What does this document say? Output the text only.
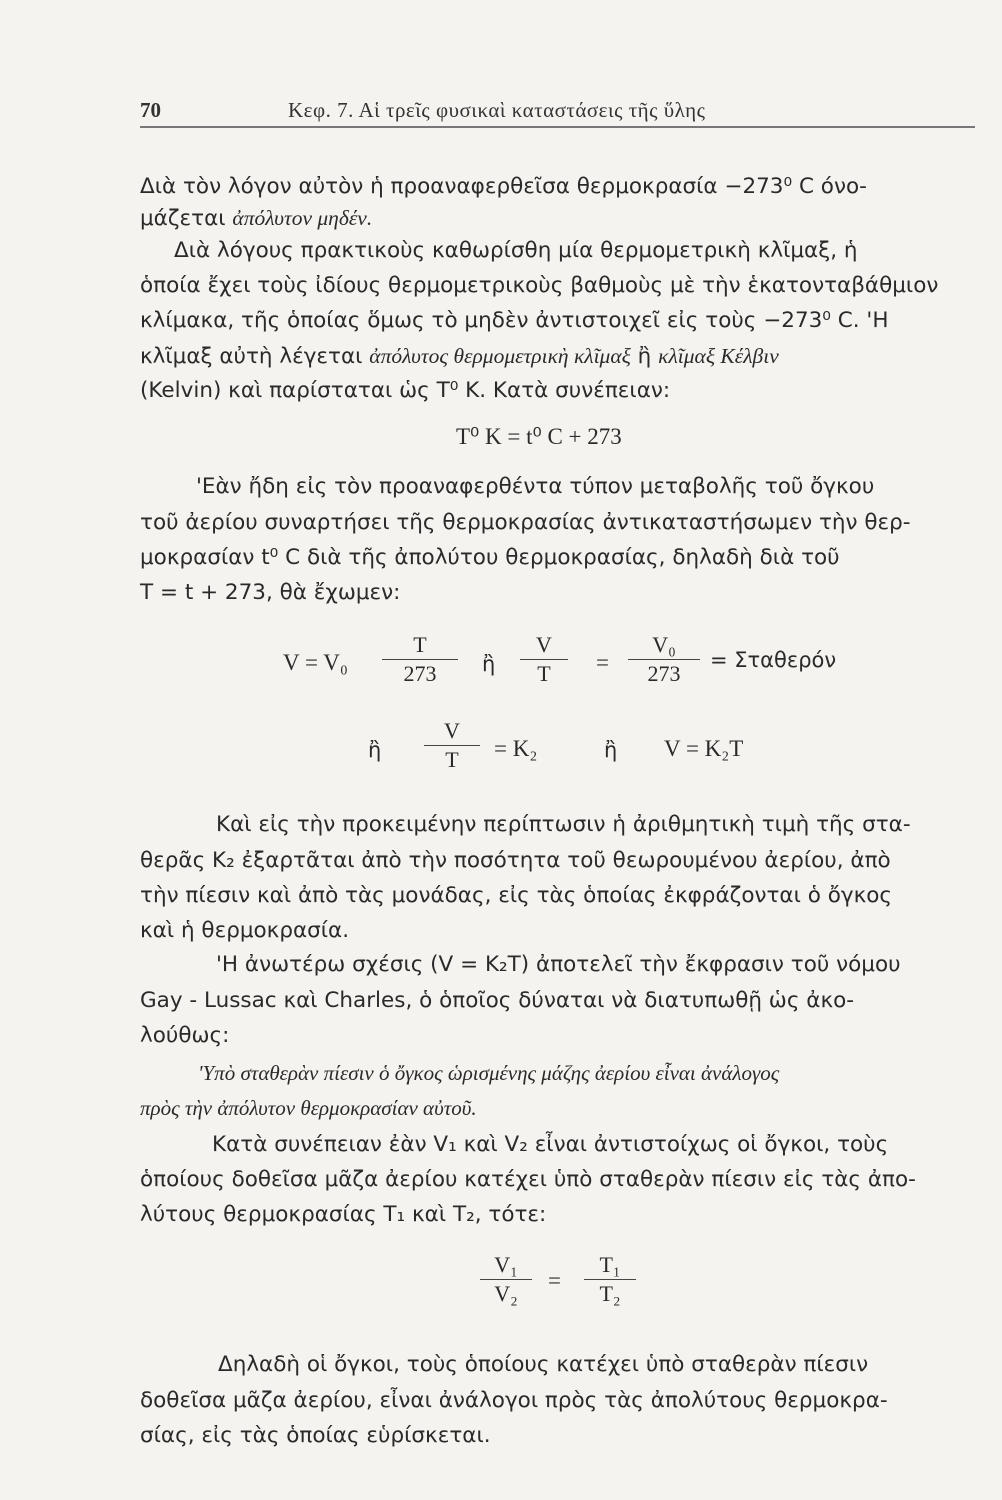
70	Κεφ. 7. Αἱ τρεῖς φυσικαὶ καταστάσεις τῆς ὕλης
Διὰ τὸν λόγον αὐτὸν ἡ προαναφερθεῖσα θερμοκρασία −273⁰ C όνο-
μάζεται ἀπόλυτον μηδέν.
Διὰ λόγους πρακτικοὺς καθωρίσθη μία θερμομετρικὴ κλῖμαξ, ἡ
ὁποία ἔχει τοὺς ἰδίους θερμομετρικοὺς βαθμοὺς μὲ τὴν ἑκατονταβάθμιον
κλίμακα, τῆς ὁποίας ὅμως τὸ μηδὲν ἀντιστοιχεῖ εἰς τοὺς −273⁰ C. 'Η
κλῖμαξ αὐτὴ λέγεται ἀπόλυτος θερμομετρικὴ κλῖμαξ ἢ κλῖμαξ Κέλβιν
(Kelvin) καὶ παρίσταται ὡς T⁰ K. Κατὰ συνέπειαν:
T⁰ K = t⁰ C + 273
'Εὰν ἤδη εἰς τὸν προαναφερθέντα τύπον μεταβολῆς τοῦ ὄγκου
τοῦ ἀερίου συναρτήσει τῆς θερμοκρασίας ἀντικαταστήσωμεν τὴν θερ-
μοκρασίαν t⁰ C διὰ τῆς ἀπολύτου θερμοκρασίας, δηλαδὴ διὰ τοῦ
T = t + 273, θὰ ἔχωμεν:
V = V₀
T
273	ἢ
V
T	=
V₀
273
= Σταθερόν
ἢ
V
T	= K₂	ἢ V = K₂T
Καὶ εἰς τὴν προκειμένην περίπτωσιν ἡ ἀριθμητικὴ τιμὴ τῆς στα-
θερᾶς K₂ ἐξαρτᾶται ἀπὸ τὴν ποσότητα τοῦ θεωρουμένου ἀερίου, ἀπὸ
τὴν πίεσιν καὶ ἀπὸ τὰς μονάδας, εἰς τὰς ὁποίας ἐκφράζονται ὁ ὄγκος
καὶ ἡ θερμοκρασία.
'Η ἀνωτέρω σχέσις (V = K₂T) ἀποτελεῖ τὴν ἔκφρασιν τοῦ νόμου
Gay - Lussac καὶ Charles, ὁ ὁποῖος δύναται νὰ διατυπωθῇ ὡς ἀκο-
λούθως:
'Υπὸ σταθερὰν πίεσιν ὁ ὄγκος ὡρισμένης μάζης ἀερίου εἶναι ἀνάλογος
πρὸς τὴν ἀπόλυτον θερμοκρασίαν αὐτοῦ.
Κατὰ συνέπειαν ἐὰν V₁ καὶ V₂ εἶναι ἀντιστοίχως οἱ ὄγκοι, τοὺς
ὁποίους δοθεῖσα μᾶζα ἀερίου κατέχει ὑπὸ σταθερὰν πίεσιν εἰς τὰς ἀπο-
λύτους θερμοκρασίας T₁ καὶ T₂, τότε:
V₁
V₂
=
T₁
T₂
Δηλαδὴ οἱ ὄγκοι, τοὺς ὁποίους κατέχει ὑπὸ σταθερὰν πίεσιν
δοθεῖσα μᾶζα ἀερίου, εἶναι ἀνάλογοι πρὸς τὰς ἀπολύτους θερμοκρα-
σίας, εἰς τὰς ὁποίας εὑρίσκεται.
